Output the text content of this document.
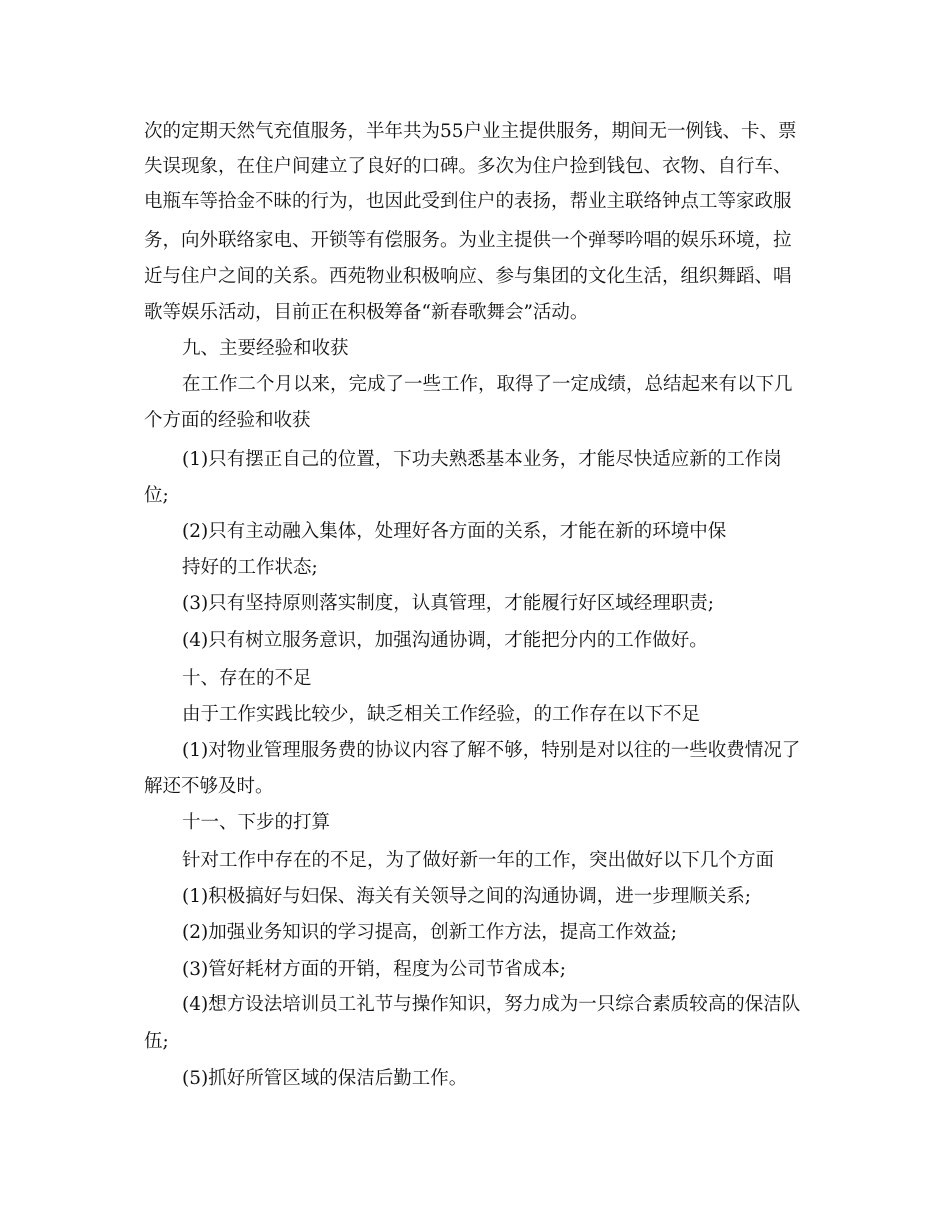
次的定期天然气充值服务，半年共为55户业主提供服务，期间无一例钱、卡、票
失误现象，在住户间建立了良好的口碑。多次为住户捡到钱包、衣物、自行车、
电瓶车等拾金不昧的行为，也因此受到住户的表扬，帮业主联络钟点工等家政服
务，向外联络家电、开锁等有偿服务。为业主提供一个弹琴吟唱的娱乐环境，拉
近与住户之间的关系。西苑物业积极响应、参与集团的文化生活，组织舞蹈、唱
歌等娱乐活动，目前正在积极筹备“新春歌舞会”活动。
九、主要经验和收获
在工作二个月以来，完成了一些工作，取得了一定成绩，总结起来有以下几
个方面的经验和收获
(1)只有摆正自己的位置，下功夫熟悉基本业务，才能尽快适应新的工作岗
位;
(2)只有主动融入集体，处理好各方面的关系，才能在新的环境中保
持好的工作状态;
(3)只有坚持原则落实制度，认真管理，才能履行好区域经理职责;
(4)只有树立服务意识，加强沟通协调，才能把分内的工作做好。
十、存在的不足
由于工作实践比较少，缺乏相关工作经验，的工作存在以下不足
(1)对物业管理服务费的协议内容了解不够，特别是对以往的一些收费情况了
解还不够及时。
十一、下步的打算
针对工作中存在的不足，为了做好新一年的工作，突出做好以下几个方面
(1)积极搞好与妇保、海关有关领导之间的沟通协调，进一步理顺关系;
(2)加强业务知识的学习提高，创新工作方法，提高工作效益;
(3)管好耗材方面的开销，程度为公司节省成本;
(4)想方设法培训员工礼节与操作知识，努力成为一只综合素质较高的保洁队
伍;
(5)抓好所管区域的保洁后勤工作。
